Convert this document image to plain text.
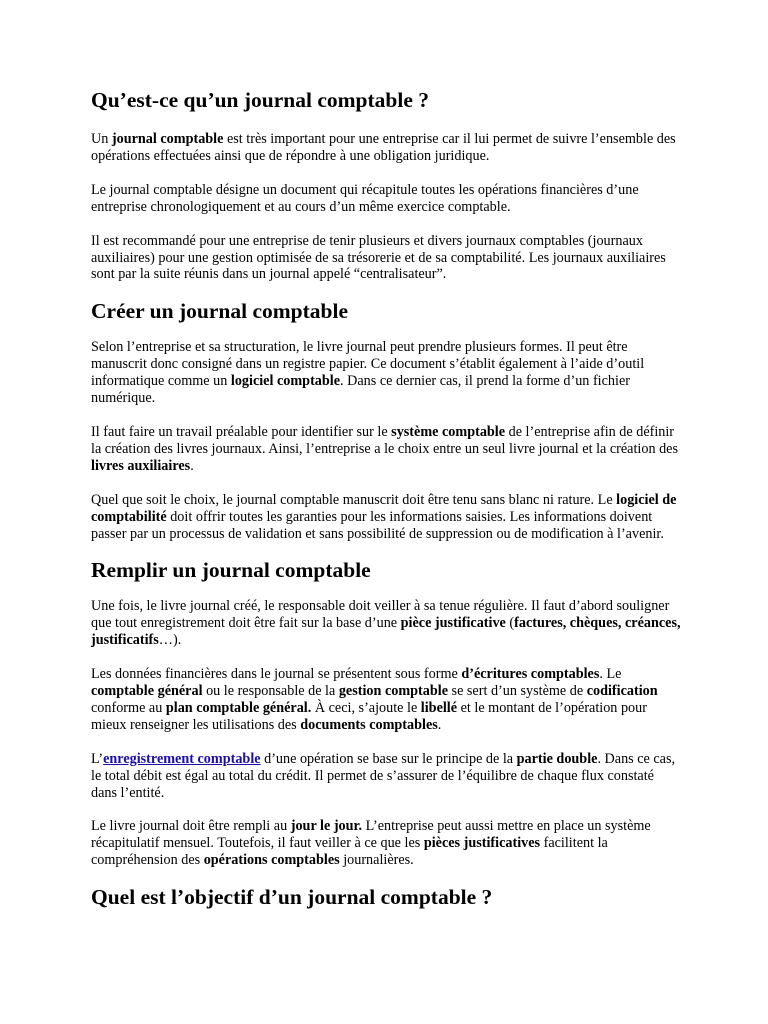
Qu’est-ce qu’un journal comptable ?

Un journal comptable est très important pour une entreprise car il lui permet de suivre l’ensemble des opérations effectuées ainsi que de répondre à une obligation juridique.

Le journal comptable désigne un document qui récapitule toutes les opérations financières d’une entreprise chronologiquement et au cours d’un même exercice comptable.

Il est recommandé pour une entreprise de tenir plusieurs et divers journaux comptables (journaux auxiliaires) pour une gestion optimisée de sa trésorerie et de sa comptabilité. Les journaux auxiliaires sont par la suite réunis dans un journal appelé “centralisateur”.

Créer un journal comptable

Selon l’entreprise et sa structuration, le livre journal peut prendre plusieurs formes. Il peut être manuscrit donc consigné dans un registre papier. Ce document s’établit également à l’aide d’outil informatique comme un logiciel comptable. Dans ce dernier cas, il prend la forme d’un fichier numérique.

Il faut faire un travail préalable pour identifier sur le système comptable de l’entreprise afin de définir la création des livres journaux. Ainsi, l’entreprise a le choix entre un seul livre journal et la création des livres auxiliaires.

Quel que soit le choix, le journal comptable manuscrit doit être tenu sans blanc ni rature. Le logiciel de comptabilité doit offrir toutes les garanties pour les informations saisies. Les informations doivent passer par un processus de validation et sans possibilité de suppression ou de modification à l’avenir.

Remplir un journal comptable

Une fois, le livre journal créé, le responsable doit veiller à sa tenue régulière. Il faut d’abord souligner que tout enregistrement doit être fait sur la base d’une pièce justificative (factures, chèques, créances, justificatifs…).

Les données financières dans le journal se présentent sous forme d’écritures comptables. Le comptable général ou le responsable de la gestion comptable se sert d’un système de codification conforme au plan comptable général. À ceci, s’ajoute le libellé et le montant de l’opération pour mieux renseigner les utilisations des documents comptables.

L’enregistrement comptable d’une opération se base sur le principe de la partie double. Dans ce cas, le total débit est égal au total du crédit. Il permet de s’assurer de l’équilibre de chaque flux constaté dans l’entité.

Le livre journal doit être rempli au jour le jour. L’entreprise peut aussi mettre en place un système récapitulatif mensuel. Toutefois, il faut veiller à ce que les pièces justificatives facilitent la compréhension des opérations comptables journalières.

Quel est l’objectif d’un journal comptable ?
